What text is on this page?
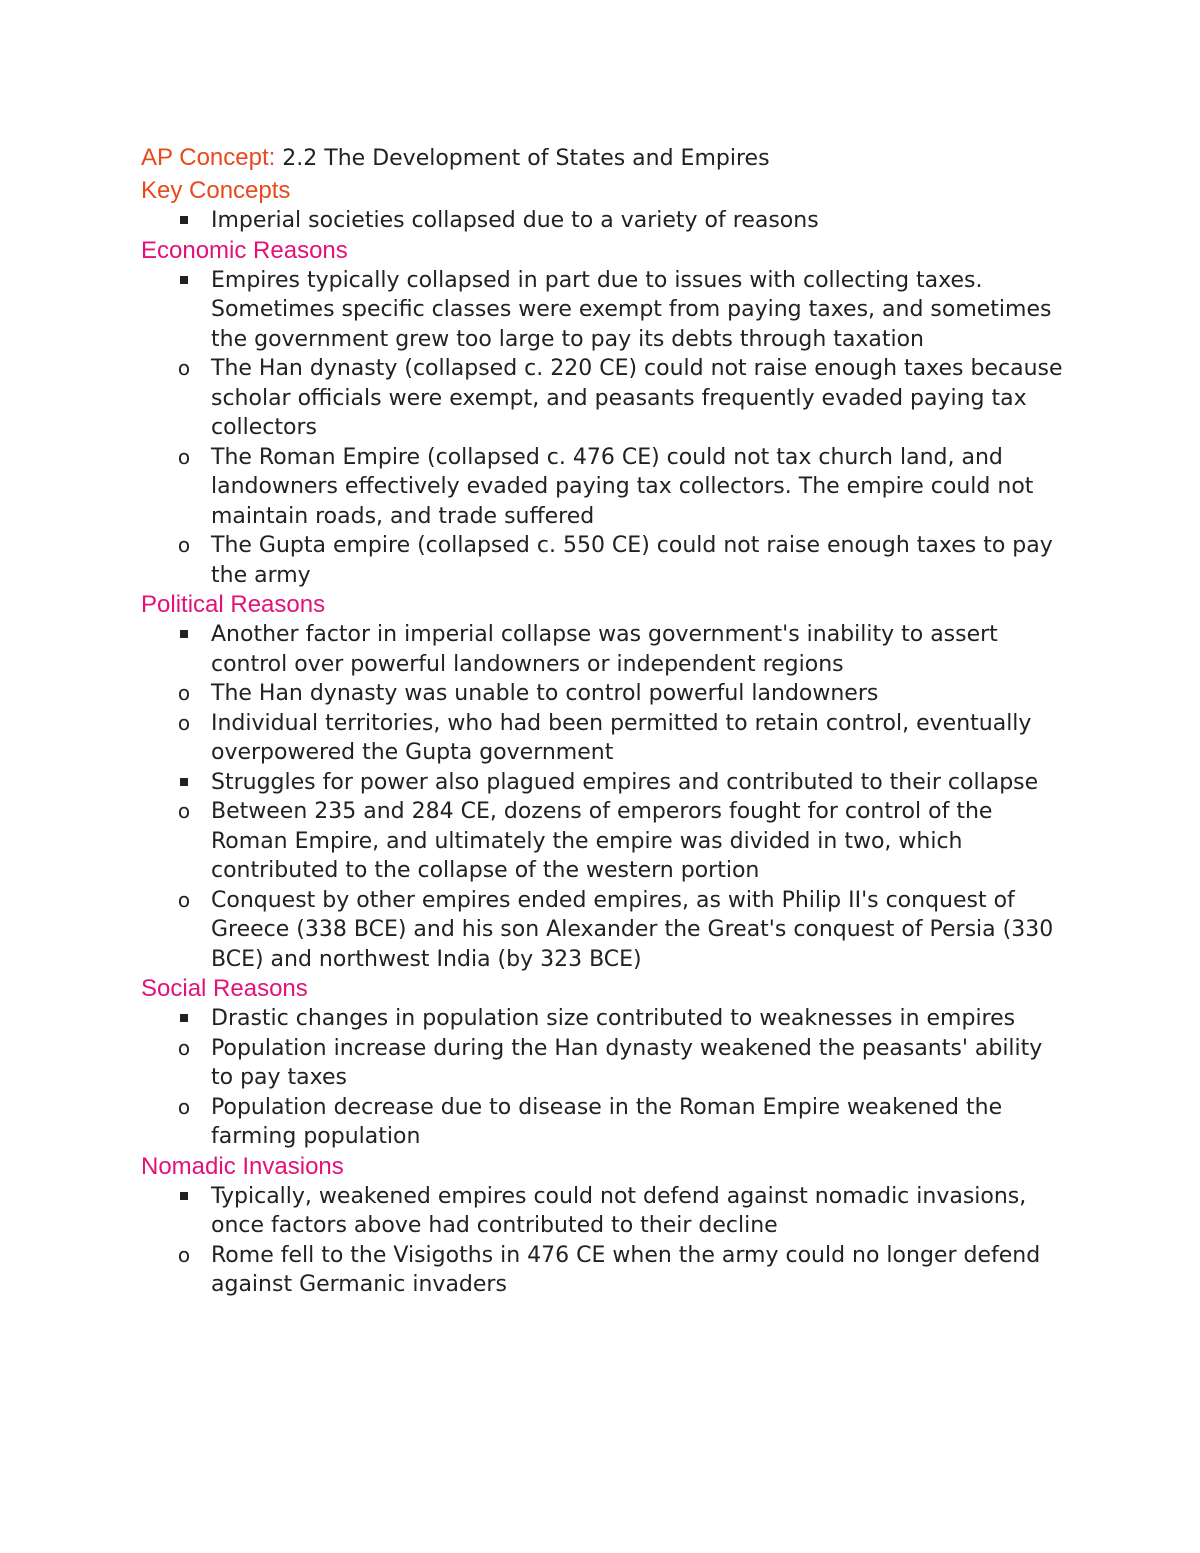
AP Concept: 2.2 The Development of States and Empires
Key Concepts
Imperial societies collapsed due to a variety of reasons
Economic Reasons
Empires typically collapsed in part due to issues with collecting taxes. Sometimes specific classes were exempt from paying taxes, and sometimes the government grew too large to pay its debts through taxation
o The Han dynasty (collapsed c. 220 CE) could not raise enough taxes because scholar officials were exempt, and peasants frequently evaded paying tax collectors
o The Roman Empire (collapsed c. 476 CE) could not tax church land, and landowners effectively evaded paying tax collectors. The empire could not maintain roads, and trade suffered
o The Gupta empire (collapsed c. 550 CE) could not raise enough taxes to pay the army
Political Reasons
Another factor in imperial collapse was government's inability to assert control over powerful landowners or independent regions
o The Han dynasty was unable to control powerful landowners
o Individual territories, who had been permitted to retain control, eventually overpowered the Gupta government
Struggles for power also plagued empires and contributed to their collapse
o Between 235 and 284 CE, dozens of emperors fought for control of the Roman Empire, and ultimately the empire was divided in two, which contributed to the collapse of the western portion
o Conquest by other empires ended empires, as with Philip II's conquest of Greece (338 BCE) and his son Alexander the Great's conquest of Persia (330 BCE) and northwest India (by 323 BCE)
Social Reasons
Drastic changes in population size contributed to weaknesses in empires
o Population increase during the Han dynasty weakened the peasants' ability to pay taxes
o Population decrease due to disease in the Roman Empire weakened the farming population
Nomadic Invasions
Typically, weakened empires could not defend against nomadic invasions, once factors above had contributed to their decline
o Rome fell to the Visigoths in 476 CE when the army could no longer defend against Germanic invaders
